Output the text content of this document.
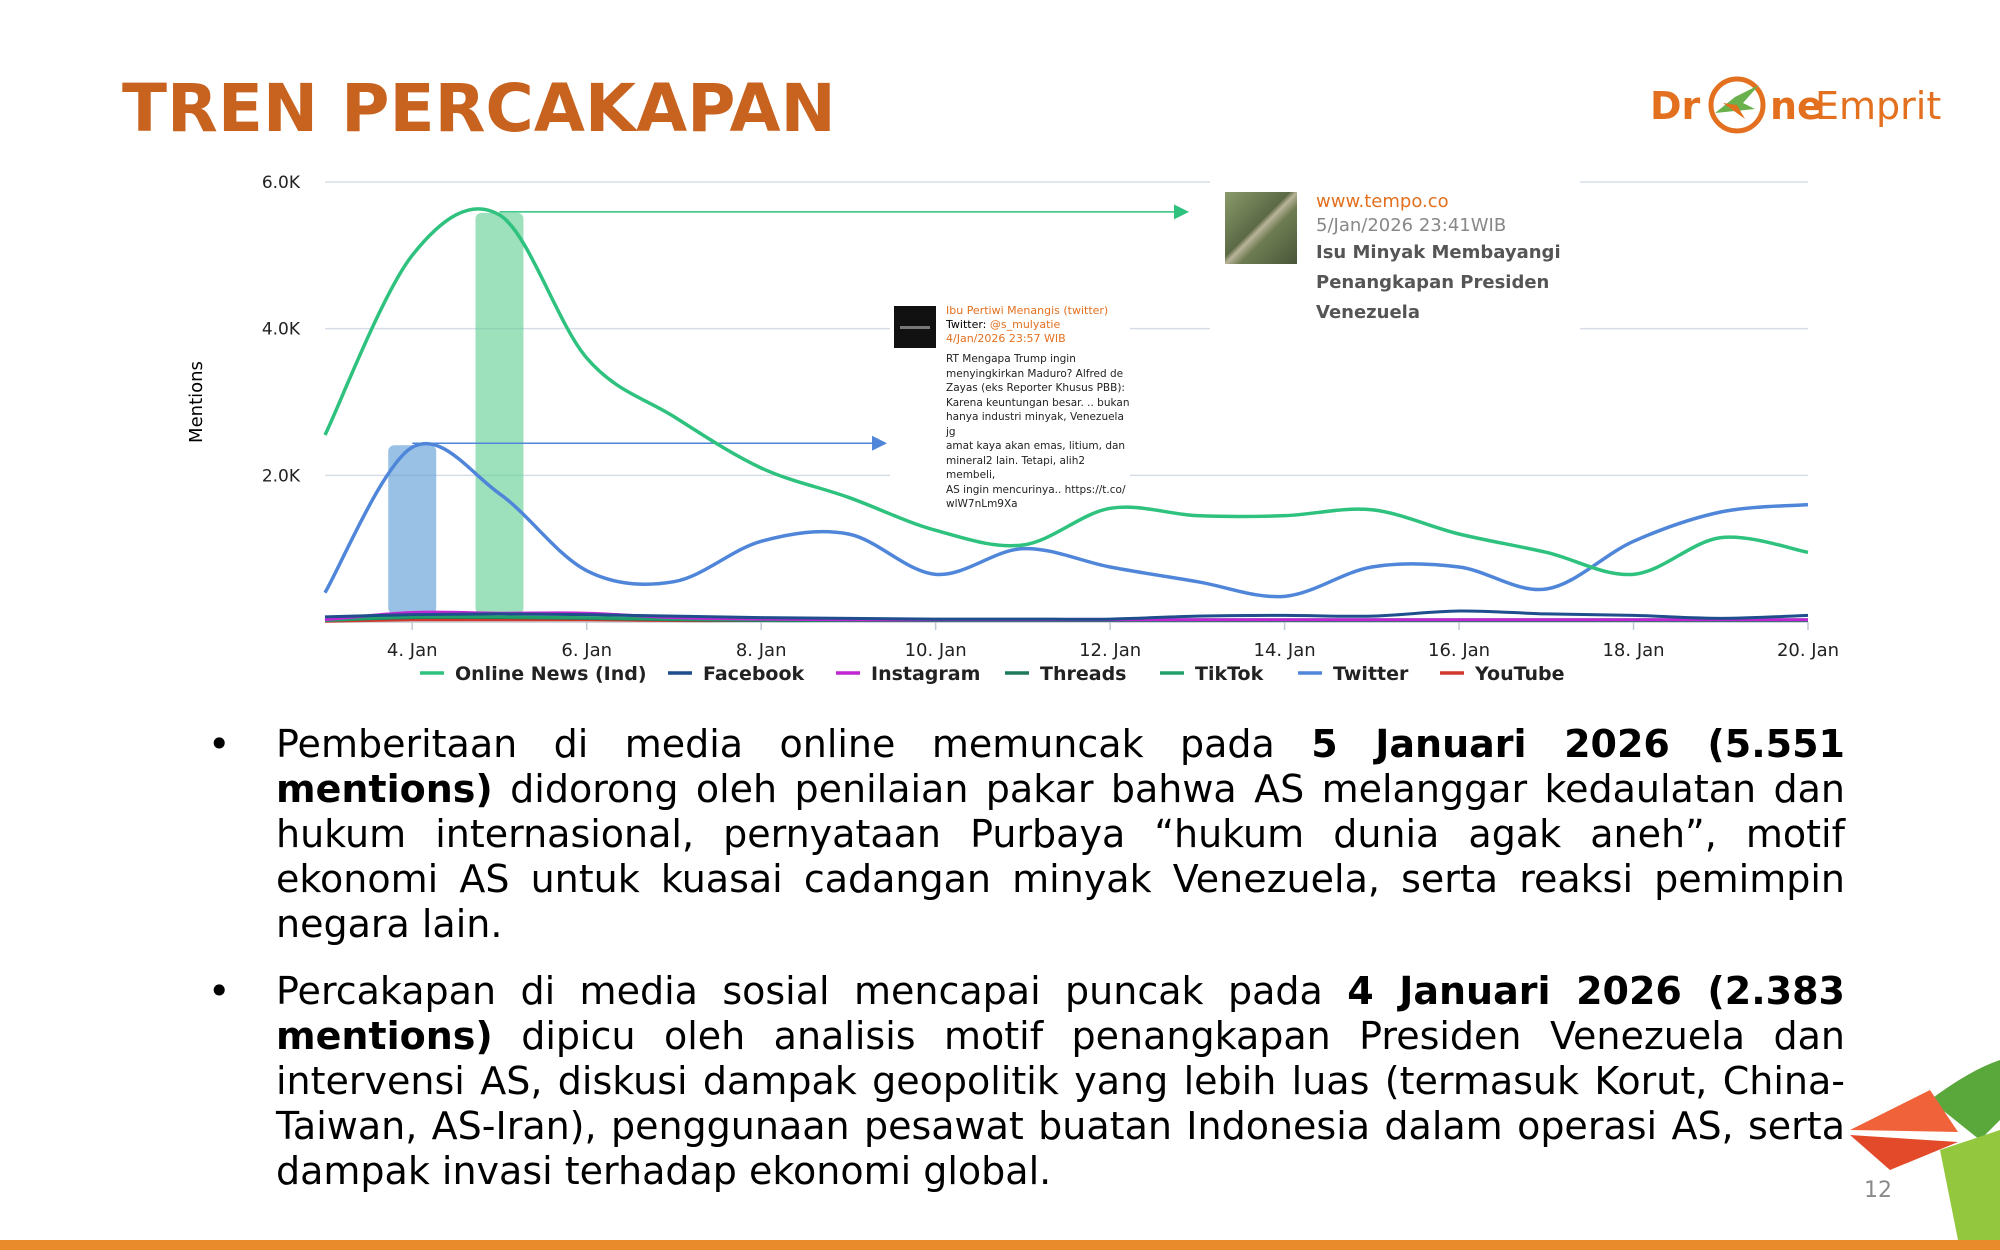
TREN PERCAKAPAN	Dr ne
Emprit
2.0K
4.0K
6.0K
4. Jan	6. Jan	8. Jan	10. Jan	12. Jan	14. Jan	16. Jan	18. Jan	20. Jan
Mentions
Online News (Ind)	Facebook	Instagram	Threads	TikTok	Twitter	YouTube
Ibu Pertiwi Menangis (twitter)
Twitter: @s_mulyatie
4/Jan/2026 23:57 WIB
RT Mengapa Trump ingin
menyingkirkan Maduro? Alfred de
Zayas (eks Reporter Khusus PBB):
Karena keuntungan besar. .. bukan
hanya industri minyak, Venezuela jg
amat kaya akan emas, litium, dan
mineral2 lain. Tetapi, alih2 membeli,
AS ingin mencurinya.. https://t.co/
wlW7nLm9Xa
www.tempo.co
5/Jan/2026 23:41WIB
Isu Minyak Membayangi
Penangkapan Presiden
Venezuela
• Pemberitaan di media online memuncak pada 5 Januari 2026 (5.551 mentions) didorong oleh penilaian pakar bahwa AS melanggar kedaulatan dan hukum internasional, pernyataan Purbaya “hukum dunia agak aneh”, motif ekonomi AS untuk kuasai cadangan minyak Venezuela, serta reaksi pemimpin negara lain.
• Percakapan di media sosial mencapai puncak pada 4 Januari 2026 (2.383 mentions) dipicu oleh analisis motif penangkapan Presiden Venezuela dan intervensi AS, diskusi dampak geopolitik yang lebih luas (termasuk Korut, China-Taiwan, AS-Iran), penggunaan pesawat buatan Indonesia dalam operasi AS, serta dampak invasi terhadap ekonomi global.	12
